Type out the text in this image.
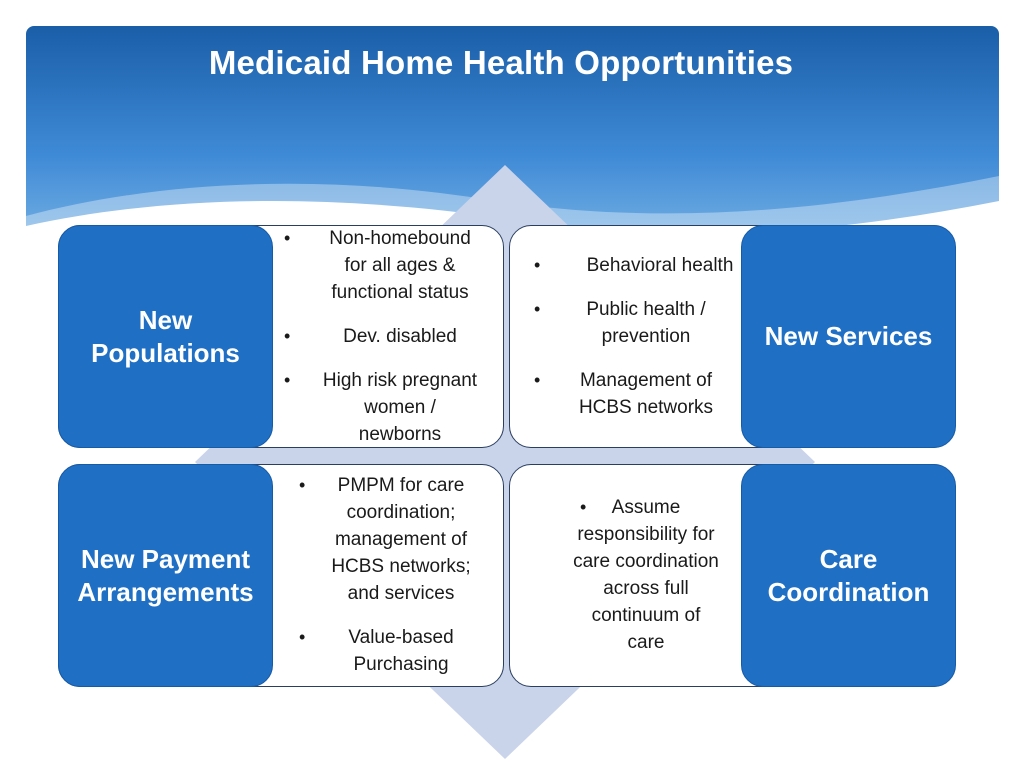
Medicaid Home Health Opportunities
• Non-homebound
for all ages &
functional status
• Dev. disabled
• High risk pregnant
women /
newborns
New
Populations
• Behavioral health
• Public health /
prevention
• Management of
HCBS networks
New Services
• PMPM for care
coordination;
management of
HCBS networks;
and services
• Value-based
Purchasing
New Payment
Arrangements
• Assume
responsibility for
care coordination
across full
continuum of
care
Care
Coordination
